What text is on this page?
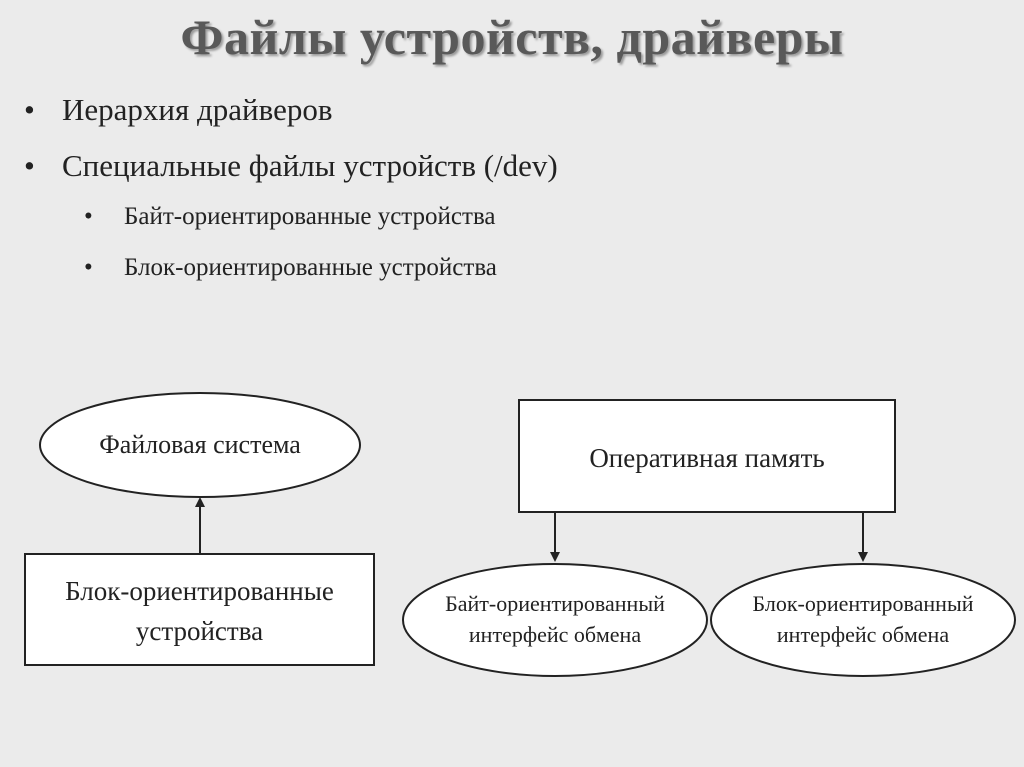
Файлы устройств, драйверы
• Иерархия драйверов
• Специальные файлы устройств (/dev)
•	Байт-ориентированные устройства
•	Блок-ориентированные устройства
Файловая система
Блок-ориентированные
устройства
Оперативная память
Байт-ориентированный
интерфейс обмена
Блок-ориентированный
интерфейс обмена
